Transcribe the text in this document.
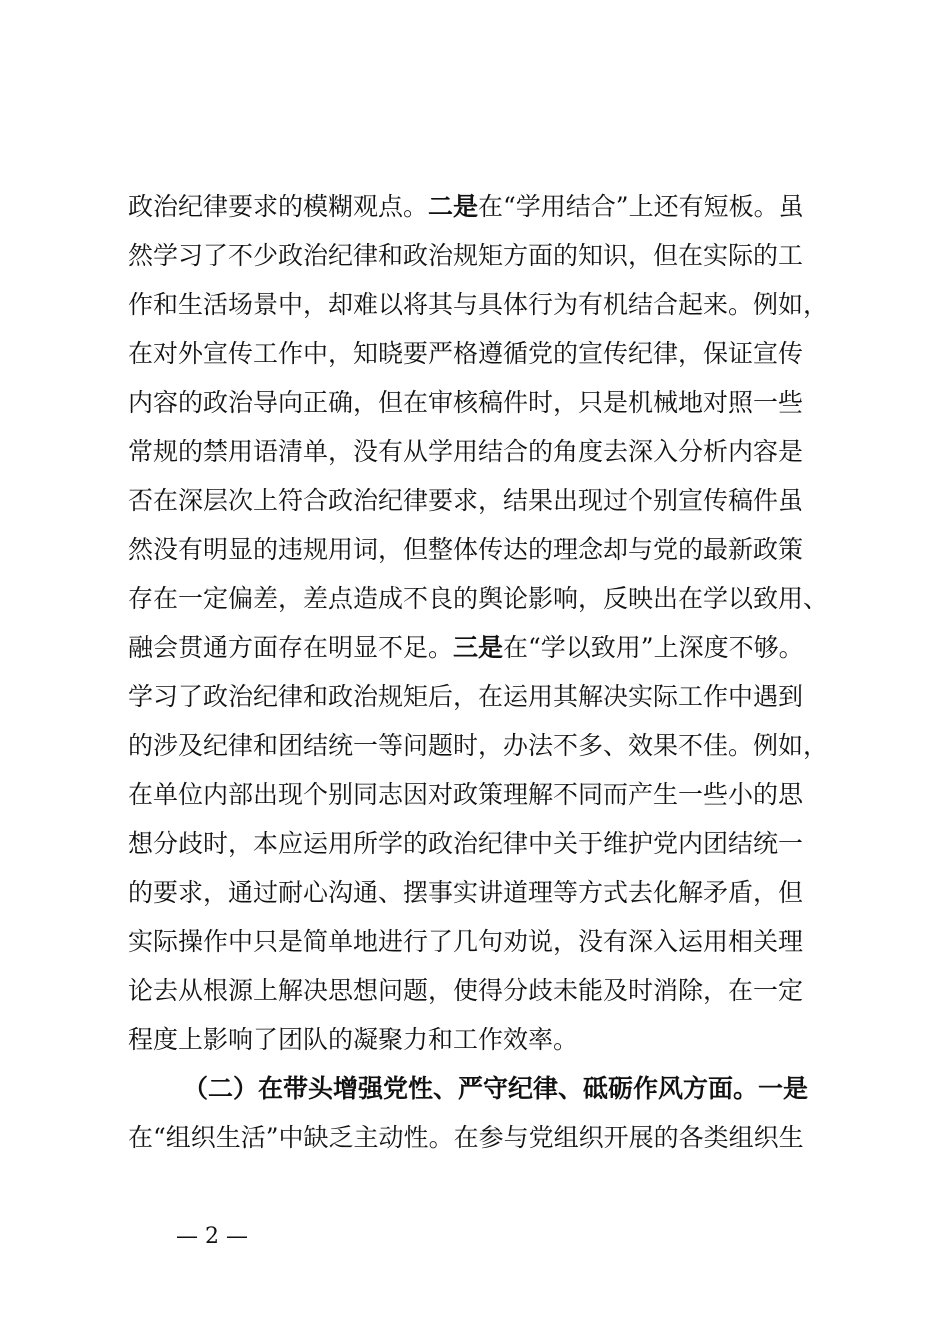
政治纪律要求的模糊观点。二是在“学用结合”上还有短板。虽
然学习了不少政治纪律和政治规矩方面的知识，但在实际的工
作和生活场景中，却难以将其与具体行为有机结合起来。例如，
在对外宣传工作中，知晓要严格遵循党的宣传纪律，保证宣传
内容的政治导向正确，但在审核稿件时，只是机械地对照一些
常规的禁用语清单，没有从学用结合的角度去深入分析内容是
否在深层次上符合政治纪律要求，结果出现过个别宣传稿件虽
然没有明显的违规用词，但整体传达的理念却与党的最新政策
存在一定偏差，差点造成不良的舆论影响，反映出在学以致用、
融会贯通方面存在明显不足。三是在“学以致用”上深度不够。
学习了政治纪律和政治规矩后，在运用其解决实际工作中遇到
的涉及纪律和团结统一等问题时，办法不多、效果不佳。例如，
在单位内部出现个别同志因对政策理解不同而产生一些小的思
想分歧时，本应运用所学的政治纪律中关于维护党内团结统一
的要求，通过耐心沟通、摆事实讲道理等方式去化解矛盾，但
实际操作中只是简单地进行了几句劝说，没有深入运用相关理
论去从根源上解决思想问题，使得分歧未能及时消除，在一定
程度上影响了团队的凝聚力和工作效率。
（二）在带头增强党性、严守纪律、砥砺作风方面。一是
在“组织生活”中缺乏主动性。在参与党组织开展的各类组织生
— 2 —
